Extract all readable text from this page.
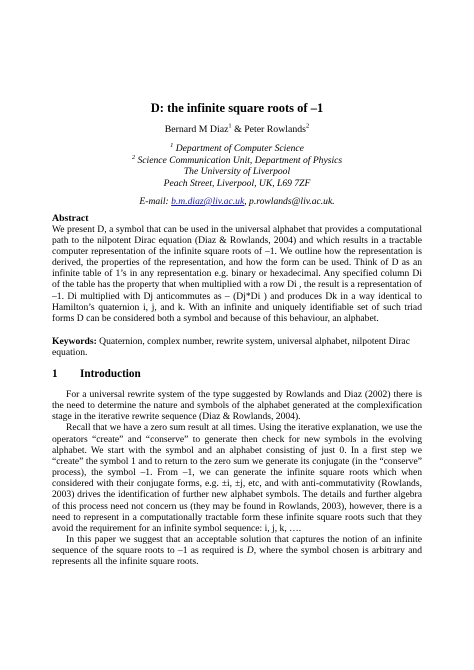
D: the infinite square roots of –1
Bernard M Diaz$^1$ & Peter Rowlands$^2$
$^1$ Department of Computer Science
$^2$ Science Communication Unit, Department of Physics
The University of Liverpool
Peach Street, Liverpool, UK, L69 7ZF
E-mail: b.m.diaz@liv.ac.uk, p.rowlands@liv.ac.uk.
Abstract
We present D, a symbol that can be used in the universal alphabet that provides a computational path to the nilpotent Dirac equation (Diaz & Rowlands, 2004) and which results in a tractable computer representation of the infinite square roots of –1. We outline how the representation is derived, the properties of the representation, and how the form can be used. Think of D as an infinite table of 1’s in any representation e.g. binary or hexadecimal. Any specified column Di of the table has the property that when multiplied with a row Di , the result is a representation of –1. Di multiplied with Dj anticommutes as – (Dj*Di ) and produces Dk in a way identical to Hamilton’s quaternion i, j, and k. With an infinite and uniquely identifiable set of such triad forms D can be considered both a symbol and because of this behaviour, an alphabet.
Keywords: Quaternion, complex number, rewrite system, universal alphabet, nilpotent Dirac equation.
1 Introduction

For a universal rewrite system of the type suggested by Rowlands and Diaz (2002) there is the need to determine the nature and symbols of the alphabet generated at the complexification stage in the iterative rewrite sequence (Diaz & Rowlands, 2004).

Recall that we have a zero sum result at all times. Using the iterative explanation, we use the operators “create” and “conserve” to generate then check for new symbols in the evolving alphabet. We start with the symbol and an alphabet consisting of just 0. In a first step we “create” the symbol 1 and to return to the zero sum we generate its conjugate (in the “conserve” process), the symbol –1. From –1, we can generate the infinite square roots which when considered with their conjugate forms, e.g. ±i, ±j, etc, and with anti-commutativity (Rowlands, 2003) drives the identification of further new alphabet symbols. The details and further algebra of this process need not concern us (they may be found in Rowlands, 2003), however, there is a need to represent in a computationally tractable form these infinite square roots such that they avoid the requirement for an infinite symbol sequence: i, j, k, ….

In this paper we suggest that an acceptable solution that captures the notion of an infinite sequence of the square roots to –1 as required is D, where the symbol chosen is arbitrary and represents all the infinite square roots.
